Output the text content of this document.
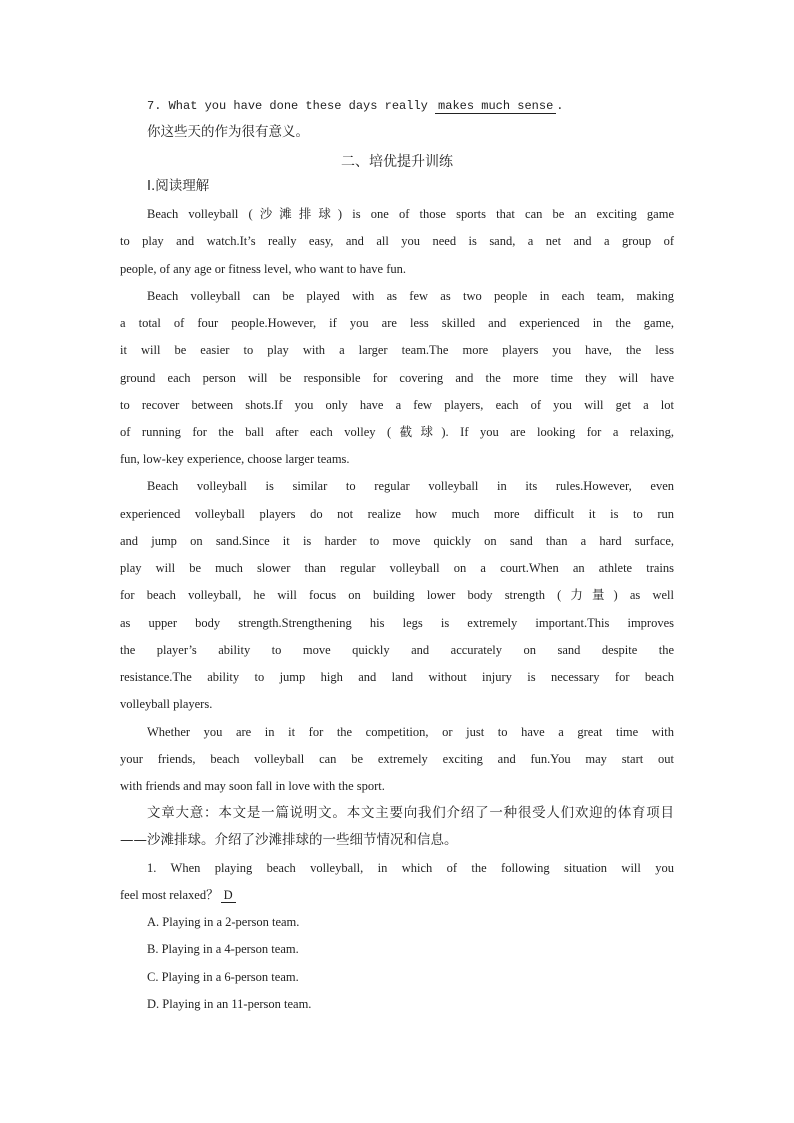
7. What you have done these days really makes much sense .
你这些天的作为很有意义。
二、培优提升训练
Ⅰ.阅读理解
Beach volleyball (沙滩排球) is one of those sports that can be an exciting game
to play and watch.It’s really easy, and all you need is sand, a net and a group of
people, of any age or fitness level, who want to have fun.
Beach volleyball can be played with as few as two people in each team, making
a total of four people.However, if you are less skilled and experienced in the game,
it will be easier to play with a larger team.The more players you have, the less
ground each person will be responsible for covering and the more time they will have
to recover between shots.If you only have a few players, each of you will get a lot
of running for the ball after each volley (截球). If you are looking for a relaxing,
fun, low-key experience, choose larger teams.
Beach volleyball is similar to regular volleyball in its rules.However, even
experienced volleyball players do not realize how much more difficult it is to run
and jump on sand.Since it is harder to move quickly on sand than a hard surface,
play will be much slower than regular volleyball on a court.When an athlete trains
for beach volleyball, he will focus on building lower body strength (力量) as well
as upper body strength.Strengthening his legs is extremely important.This improves
the player’s ability to move quickly and accurately on sand despite the
resistance.The ability to jump high and land without injury is necessary for beach
volleyball players.
Whether you are in it for the competition, or just to have a great time with
your friends, beach volleyball can be extremely exciting and fun.You may start out
with friends and may soon fall in love with the sport.
文章大意：本文是一篇说明文。本文主要向我们介绍了一种很受人们欢迎的体育项目
——沙滩排球。介绍了沙滩排球的一些细节情况和信息。
1. When playing beach volleyball, in which of the following situation will you
feel most relaxed？ D
A. Playing in a 2-person team.
B. Playing in a 4-person team.
C. Playing in a 6-person team.
D. Playing in an 11-person team.
